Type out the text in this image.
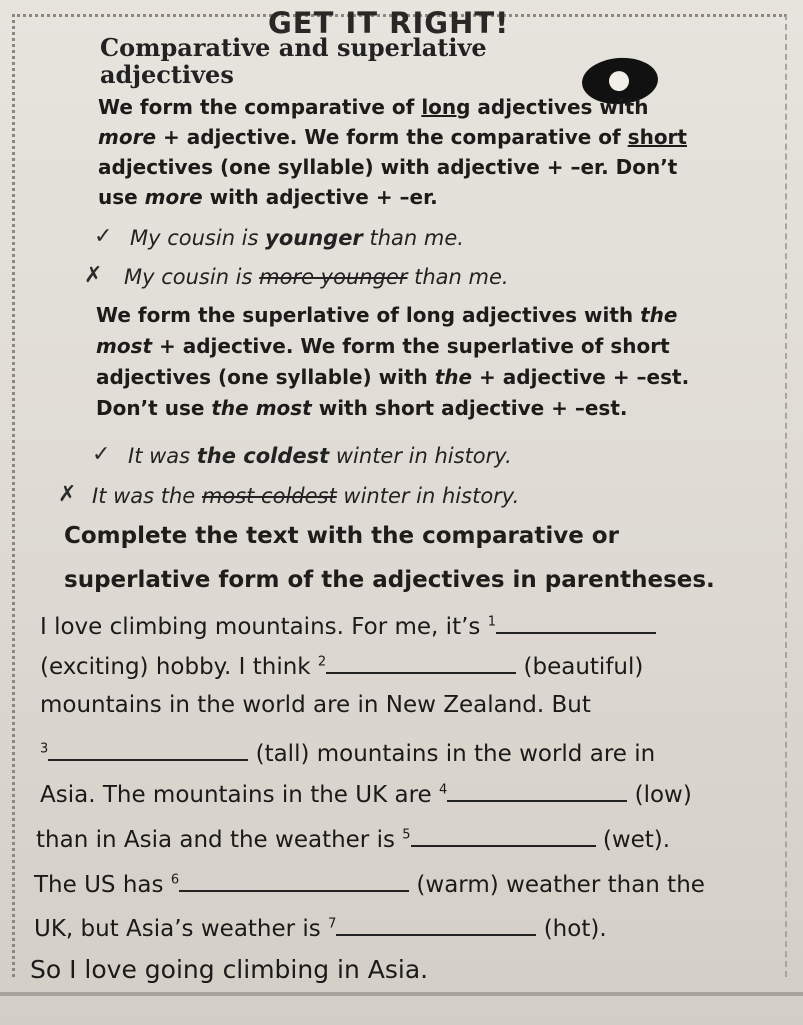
GET IT RIGHT!
Comparative and superlative adjectives
We form the comparative of long adjectives with more + adjective. We form the comparative of short adjectives (one syllable) with adjective + –er. Don’t use more with adjective + –er.
✓ My cousin is younger than me.
✗ My cousin is more younger than me.
We form the superlative of long adjectives with the most + adjective. We form the superlative of short adjectives (one syllable) with the + adjective + –est. Don’t use the most with short adjective + –est.
✓ It was the coldest winter in history.
✗ It was the most coldest winter in history.
Complete the text with the comparative or superlative form of the adjectives in parentheses.
I love climbing mountains. For me, it’s $^1$
(exciting) hobby. I think $^2$	(beautiful)
mountains in the world are in New Zealand. But
$^3$	(tall) mountains in the world are in
Asia. The mountains in the UK are $^4$	(low)
than in Asia and the weather is $^5$	(wet).
The US has $^6$	(warm) weather than the
UK, but Asia’s weather is $^7$	(hot).
So I love going climbing in Asia.
